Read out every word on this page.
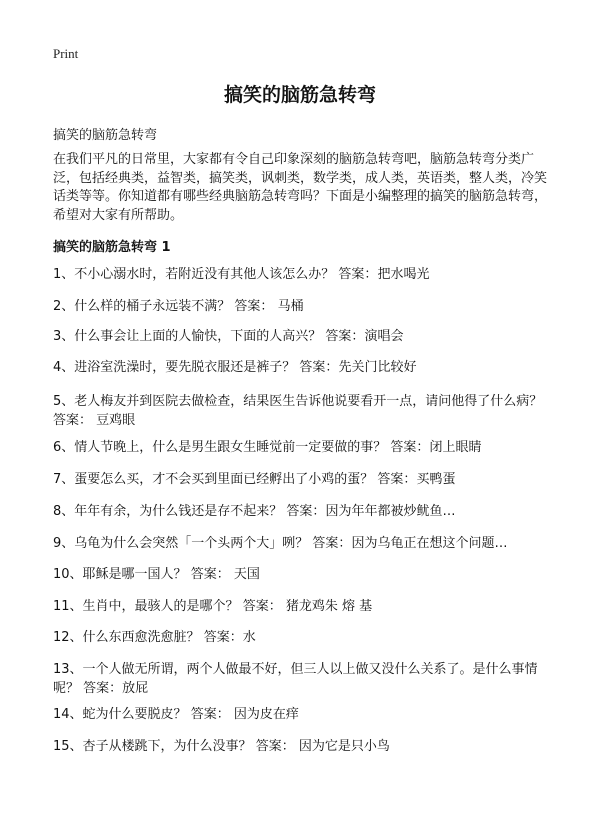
Print
搞笑的脑筋急转弯
搞笑的脑筋急转弯

在我们平凡的日常里，大家都有令自己印象深刻的脑筋急转弯吧，脑筋急转弯分类广泛，包括经典类，益智类，搞笑类，讽刺类，数学类，成人类，英语类，整人类，冷笑话类等等。你知道都有哪些经典脑筋急转弯吗？下面是小编整理的搞笑的脑筋急转弯，希望对大家有所帮助。

搞笑的脑筋急转弯 1
1、不小心溺水时，若附近没有其他人该怎么办？ 答案：把水喝光
2、什么样的桶子永远装不满？ 答案： 马桶
3、什么事会让上面的人愉快，下面的人高兴？ 答案：演唱会
4、进浴室洗澡时，要先脱衣服还是裤子？ 答案：先关门比较好
5、老人梅友并到医院去做检查，结果医生告诉他说要看开一点，请问他得了什么病？ 答案： 豆鸡眼
6、情人节晚上，什么是男生跟女生睡觉前一定要做的事？ 答案：闭上眼睛
7、蛋要怎么买，才不会买到里面已经孵出了小鸡的蛋？ 答案：买鸭蛋
8、年年有余，为什么钱还是存不起来？ 答案：因为年年都被炒鱿鱼…
9、乌龟为什么会突然「一个头两个大」咧？ 答案：因为乌龟正在想这个问题…
10、耶稣是哪一国人？ 答案： 天国
11、生肖中，最骇人的是哪个？ 答案： 猪龙鸡朱 熔 基
12、什么东西愈洗愈脏？ 答案：水
13、一个人做无所谓，两个人做最不好，但三人以上做又没什么关系了。是什么事情呢？ 答案：放屁
14、蛇为什么要脱皮？ 答案： 因为皮在痒
15、杏子从楼跳下，为什么没事？ 答案： 因为它是只小鸟
